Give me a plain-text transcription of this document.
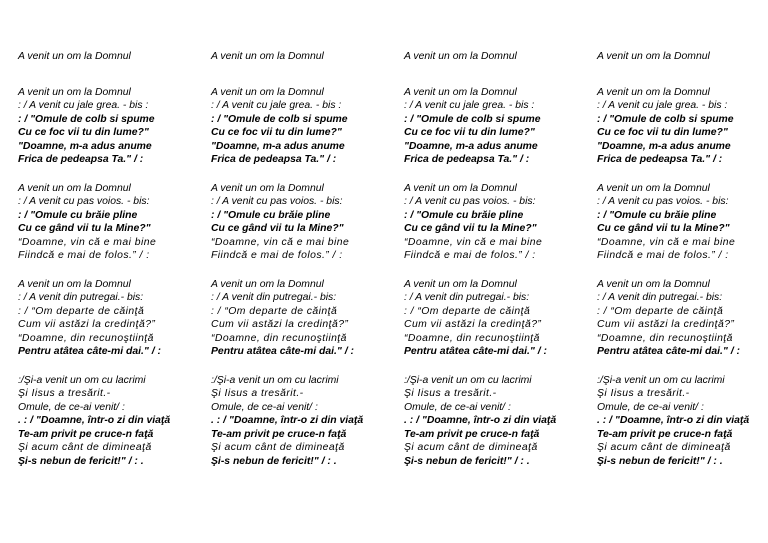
A venit un om la Domnul
A venit un om la Domnul
: / A venit cu jale grea. - bis :
: / "Omule de colb si spume
Cu ce foc vii tu din lume?"
"Doamne, m-a adus anume
Frica de pedeapsa Ta." / :
A venit un om la Domnul
: / A venit cu pas voios. - bis:
: / "Omule cu brăie pline
Cu ce gând vii tu la Mine?"
“Doamne, vin că e mai bine
Fiindcă e mai de folos.” / :
A venit un om la Domnul
: / A venit din putregai.- bis:
: / “Om departe de căinţă
Cum vii astăzi la credinţă?”
“Doamne, din recunoştiinţă
Pentru atâtea câte-mi dai." / :
:/Şi-a venit un om cu lacrimi
Şi Iisus a tresărit.-
Omule, de ce-ai venit/ :
. : / "Doamne, într-o zi din viaţă
Te-am privit pe cruce-n faţă
Şi acum cânt de dimineaţă
Şi-s nebun de fericit!" / : .
A venit un om la Domnul
A venit un om la Domnul
: / A venit cu jale grea. - bis :
: / "Omule de colb si spume
Cu ce foc vii tu din lume?"
"Doamne, m-a adus anume
Frica de pedeapsa Ta." / :
A venit un om la Domnul
: / A venit cu pas voios. - bis:
: / "Omule cu brăie pline
Cu ce gând vii tu la Mine?"
“Doamne, vin că e mai bine
Fiindcă e mai de folos.” / :
A venit un om la Domnul
: / A venit din putregai.- bis:
: / “Om departe de căinţă
Cum vii astăzi la credinţă?”
“Doamne, din recunoştiinţă
Pentru atâtea câte-mi dai." / :
:/Şi-a venit un om cu lacrimi
Şi Iisus a tresărit.-
Omule, de ce-ai venit/ :
. : / "Doamne, într-o zi din viaţă
Te-am privit pe cruce-n faţă
Şi acum cânt de dimineaţă
Şi-s nebun de fericit!" / : .
A venit un om la Domnul
A venit un om la Domnul
: / A venit cu jale grea. - bis :
: / "Omule de colb si spume
Cu ce foc vii tu din lume?"
"Doamne, m-a adus anume
Frica de pedeapsa Ta." / :
A venit un om la Domnul
: / A venit cu pas voios. - bis:
: / "Omule cu brăie pline
Cu ce gând vii tu la Mine?"
“Doamne, vin că e mai bine
Fiindcă e mai de folos.” / :
A venit un om la Domnul
: / A venit din putregai.- bis:
: / “Om departe de căinţă
Cum vii astăzi la credinţă?”
“Doamne, din recunoştiinţă
Pentru atâtea câte-mi dai." / :
:/Şi-a venit un om cu lacrimi
Şi Iisus a tresărit.-
Omule, de ce-ai venit/ :
. : / "Doamne, într-o zi din viaţă
Te-am privit pe cruce-n faţă
Şi acum cânt de dimineaţă
Şi-s nebun de fericit!" / : .
A venit un om la Domnul
A venit un om la Domnul
: / A venit cu jale grea. - bis :
: / "Omule de colb si spume
Cu ce foc vii tu din lume?"
"Doamne, m-a adus anume
Frica de pedeapsa Ta." / :
A venit un om la Domnul
: / A venit cu pas voios. - bis:
: / "Omule cu brăie pline
Cu ce gând vii tu la Mine?"
“Doamne, vin că e mai bine
Fiindcă e mai de folos.” / :
A venit un om la Domnul
: / A venit din putregai.- bis:
: / “Om departe de căinţă
Cum vii astăzi la credinţă?”
“Doamne, din recunoştiinţă
Pentru atâtea câte-mi dai." / :
:/Şi-a venit un om cu lacrimi
Şi Iisus a tresărit.-
Omule, de ce-ai venit/ :
. : / "Doamne, într-o zi din viaţă
Te-am privit pe cruce-n faţă
Şi acum cânt de dimineaţă
Şi-s nebun de fericit!" / : .
